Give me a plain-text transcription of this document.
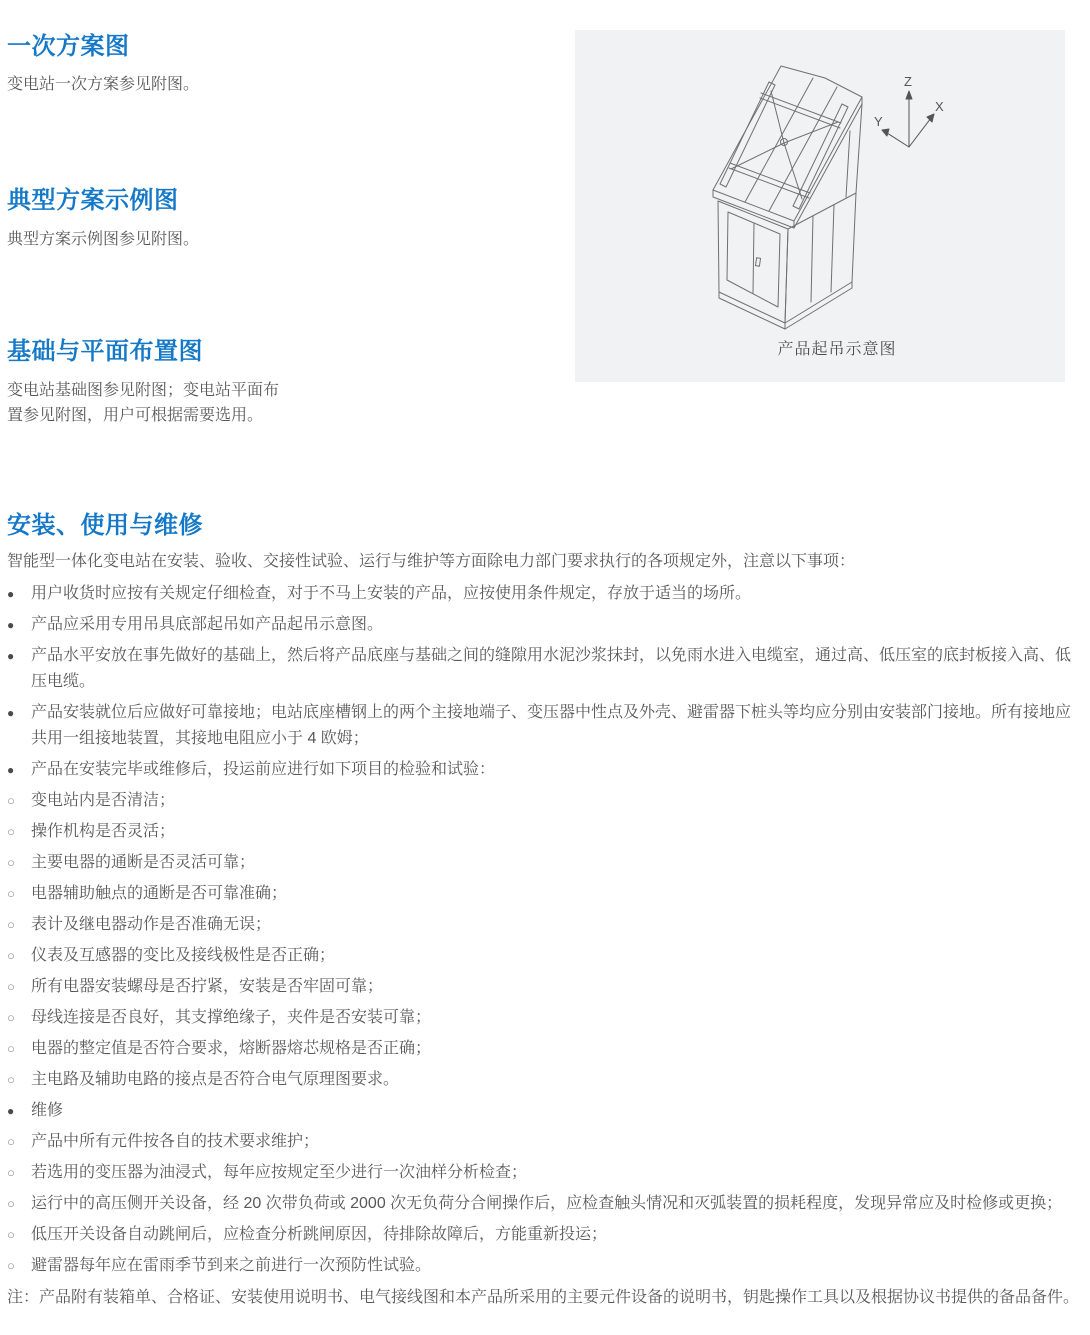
一次方案图

变电站一次方案参见附图。

典型方案示例图

典型方案示例图参见附图。

基础与平面布置图

变电站基础图参见附图；变电站平面布置参见附图，用户可根据需要选用。

Z
X
Y
产品起吊示意图
安装、使用与维修

智能型一体化变电站在安装、验收、交接性试验、运行与维护等方面除电力部门要求执行的各项规定外，注意以下事项：

● 用户收货时应按有关规定仔细检查，对于不马上安装的产品，应按使用条件规定，存放于适当的场所。
● 产品应采用专用吊具底部起吊如产品起吊示意图。
● 产品水平安放在事先做好的基础上，然后将产品底座与基础之间的缝隙用水泥沙浆抹封，以免雨水进入电缆室，通过高、低压室的底封板接入高、低压电缆。
● 产品安装就位后应做好可靠接地；电站底座槽钢上的两个主接地端子、变压器中性点及外壳、避雷器下桩头等均应分别由安装部门接地。所有接地应共用一组接地装置，其接地电阻应小于 4 欧姆；
● 产品在安装完毕或维修后，投运前应进行如下项目的检验和试验：
○ 变电站内是否清洁；
○ 操作机构是否灵活；
○ 主要电器的通断是否灵活可靠；
○ 电器辅助触点的通断是否可靠准确；
○ 表计及继电器动作是否准确无误；
○ 仪表及互感器的变比及接线极性是否正确；
○ 所有电器安装螺母是否拧紧，安装是否牢固可靠；
○ 母线连接是否良好，其支撑绝缘子，夹件是否安装可靠；
○ 电器的整定值是否符合要求，熔断器熔芯规格是否正确；
○ 主电路及辅助电路的接点是否符合电气原理图要求。
● 维修
○ 产品中所有元件按各自的技术要求维护；
○ 若选用的变压器为油浸式，每年应按规定至少进行一次油样分析检查；
○ 运行中的高压侧开关设备，经 20 次带负荷或 2000 次无负荷分合闸操作后，应检查触头情况和灭弧装置的损耗程度，发现异常应及时检修或更换；
○ 低压开关设备自动跳闸后，应检查分析跳闸原因，待排除故障后，方能重新投运；
○ 避雷器每年应在雷雨季节到来之前进行一次预防性试验。

注：产品附有装箱单、合格证、安装使用说明书、电气接线图和本产品所采用的主要元件设备的说明书，钥匙操作工具以及根据协议书提供的备品备件。
